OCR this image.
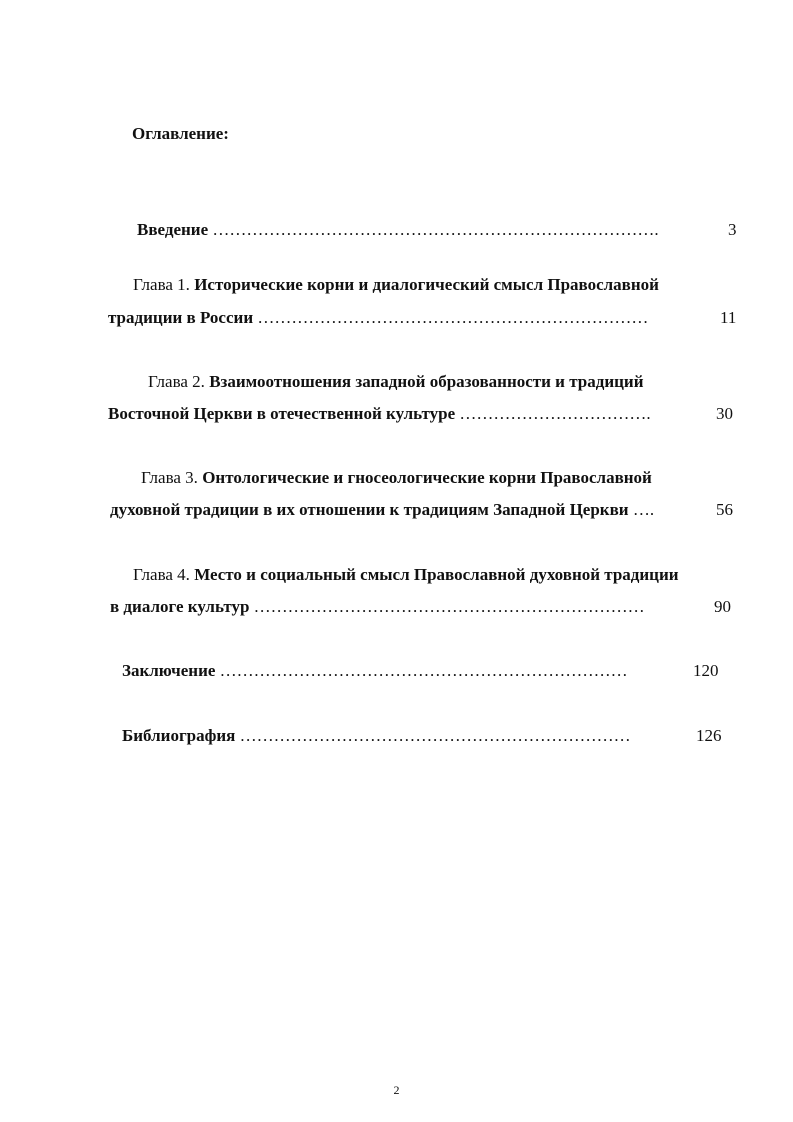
Оглавление:
Введение …………………………………………………………………….	3
Глава 1. Исторические корни и диалогический смысл Православной
традиции в России ……………………………………………………………	11
Глава 2. Взаимоотношения западной образованности и традиций
Восточной Церкви в отечественной культуре …………………………….	30
Глава 3. Онтологические и гносеологические корни Православной
духовной традиции в их отношении к традициям Западной Церкви ….	56
Глава 4. Место и социальный смысл Православной духовной традиции
в диалоге культур ……………………………………………………………	90
Заключение ………………………………………………………………	120
Библиография ……………………………………………………………	126
2
